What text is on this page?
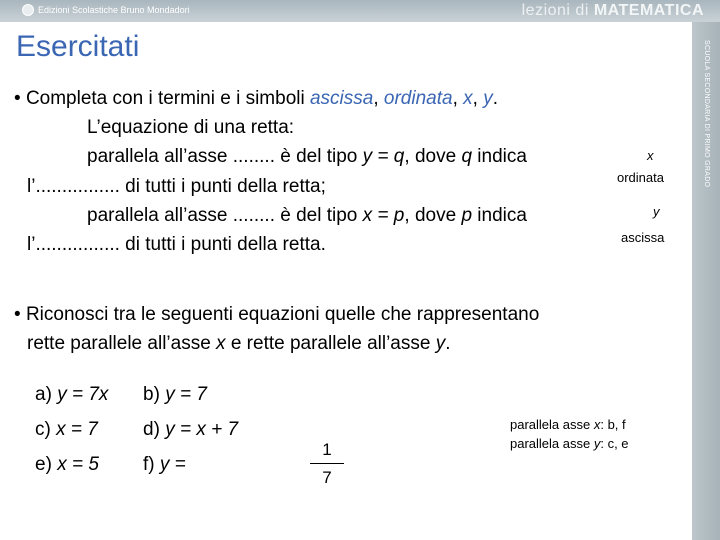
Edizioni Scolastiche Bruno Mondadori	lezioni di MATEMATICA
SCUOLA SECONDARIA DI PRIMO GRADO
Esercitati
• Completa con i termini e i simboli ascissa, ordinata, x, y.
L’equazione di una retta:
parallela all’asse ........ è del tipo y = q, dove q indica	x
ordinata
l’................ di tutti i punti della retta;
parallela all’asse ........ è del tipo x = p, dove p indica	y
ascissa
l’................ di tutti i punti della retta.
• Riconosci tra le seguenti equazioni quelle che rappresentano
rette parallele all’asse x e rette parallele all’asse y.
a) y = 7x b) y = 7
c) x = 7 d) y = x + 7
e) x = 5 f) y =	$\frac{1}{7}$
parallela asse x: b, f
parallela asse y: c, e
